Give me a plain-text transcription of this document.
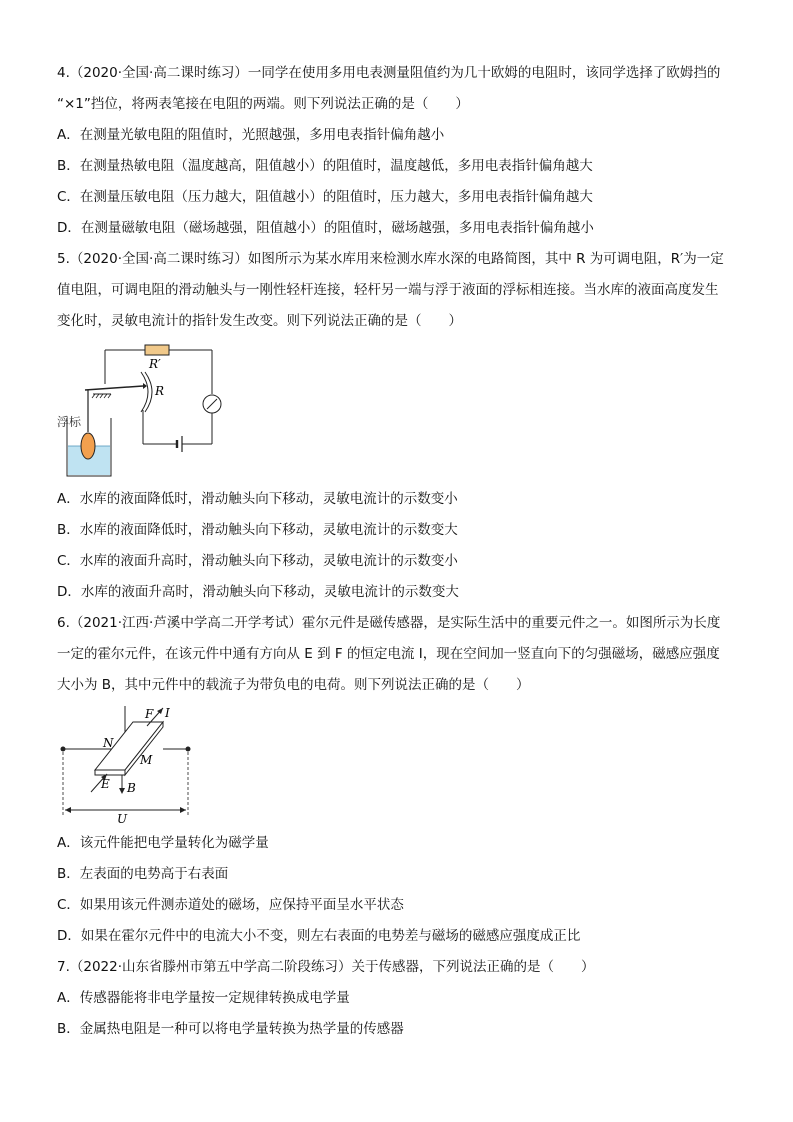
4.（2020·全国·高二课时练习）一同学在使用多用电表测量阻值约为几十欧姆的电阻时，该同学选择了欧姆挡的
“×1”挡位，将两表笔接在电阻的两端。则下列说法正确的是（　　）
A．在测量光敏电阻的阻值时，光照越强，多用电表指针偏角越小
B．在测量热敏电阻（温度越高，阻值越小）的阻值时，温度越低，多用电表指针偏角越大
C．在测量压敏电阻（压力越大，阻值越小）的阻值时，压力越大，多用电表指针偏角越大
D．在测量磁敏电阻（磁场越强，阻值越小）的阻值时，磁场越强，多用电表指针偏角越小
5.（2020·全国·高二课时练习）如图所示为某水库用来检测水库水深的电路简图，其中 R 为可调电阻，R′为一定
值电阻，可调电阻的滑动触头与一刚性轻杆连接，轻杆另一端与浮于液面的浮标相连接。当水库的液面高度发生
变化时，灵敏电流计的指针发生改变。则下列说法正确的是（　　）
R′
R
浮标
A．水库的液面降低时，滑动触头向下移动，灵敏电流计的示数变小
B．水库的液面降低时，滑动触头向下移动，灵敏电流计的示数变大
C．水库的液面升高时，滑动触头向下移动，灵敏电流计的示数变小
D．水库的液面升高时，滑动触头向下移动，灵敏电流计的示数变大
6.（2021·江西·芦溪中学高二开学考试）霍尔元件是磁传感器，是实际生活中的重要元件之一。如图所示为长度
一定的霍尔元件，在该元件中通有方向从 E 到 F 的恒定电流 I，现在空间加一竖直向下的匀强磁场，磁感应强度
大小为 B，其中元件中的载流子为带负电的电荷。则下列说法正确的是（　　）
F I
E
N
M
B
U
A．该元件能把电学量转化为磁学量
B．左表面的电势高于右表面
C．如果用该元件测赤道处的磁场，应保持平面呈水平状态
D．如果在霍尔元件中的电流大小不变，则左右表面的电势差与磁场的磁感应强度成正比
7.（2022·山东省滕州市第五中学高二阶段练习）关于传感器，下列说法正确的是（　　）
A．传感器能将非电学量按一定规律转换成电学量
B．金属热电阻是一种可以将电学量转换为热学量的传感器
